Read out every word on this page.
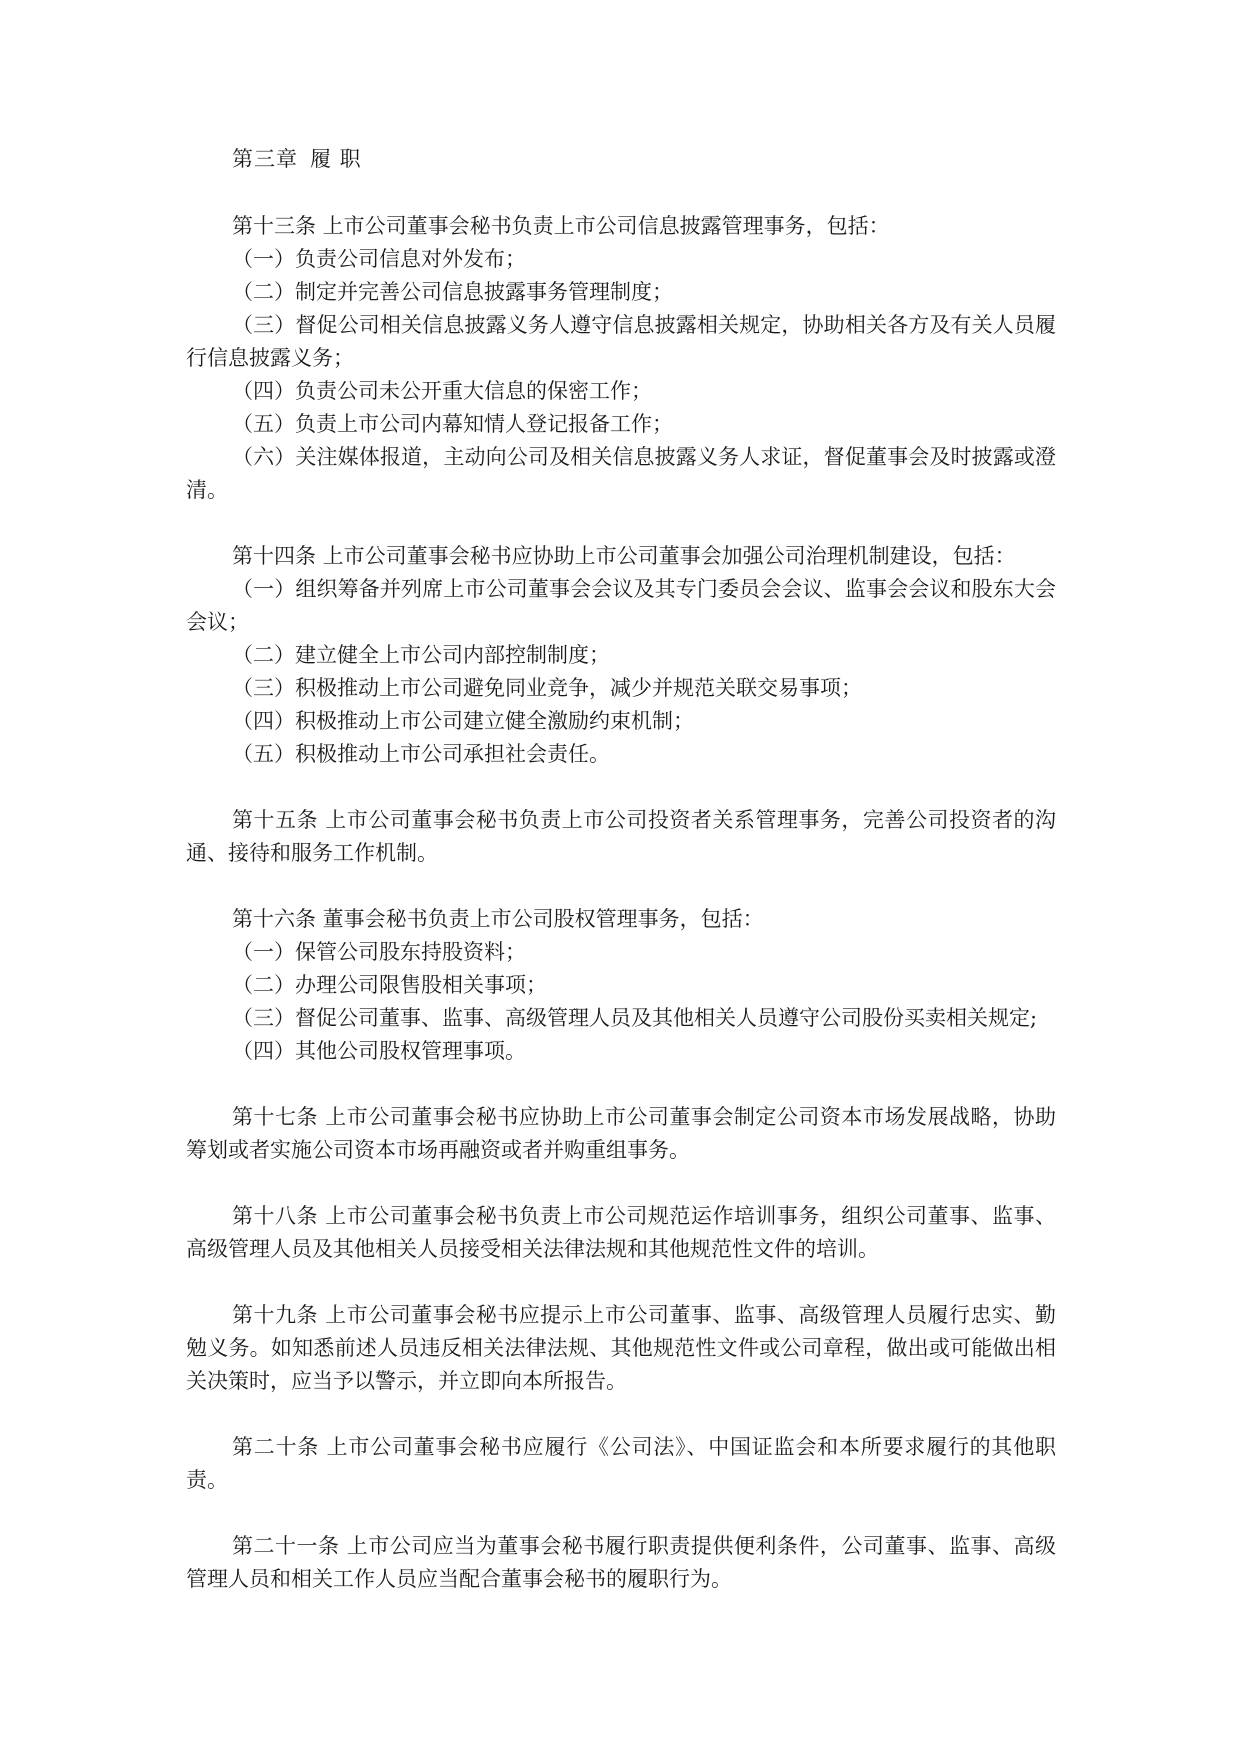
第三章 履 职

第十三条 上市公司董事会秘书负责上市公司信息披露管理事务，包括：

（一）负责公司信息对外发布；

（二）制定并完善公司信息披露事务管理制度；

（三）督促公司相关信息披露义务人遵守信息披露相关规定，协助相关各方及有关人员履行信息披露义务；

（四）负责公司未公开重大信息的保密工作；

（五）负责上市公司内幕知情人登记报备工作；

（六）关注媒体报道，主动向公司及相关信息披露义务人求证，督促董事会及时披露或澄清。

第十四条 上市公司董事会秘书应协助上市公司董事会加强公司治理机制建设，包括：

（一）组织筹备并列席上市公司董事会会议及其专门委员会会议、监事会会议和股东大会会议；

（二）建立健全上市公司内部控制制度；

（三）积极推动上市公司避免同业竞争，减少并规范关联交易事项；

（四）积极推动上市公司建立健全激励约束机制；

（五）积极推动上市公司承担社会责任。

第十五条 上市公司董事会秘书负责上市公司投资者关系管理事务，完善公司投资者的沟通、接待和服务工作机制。

第十六条 董事会秘书负责上市公司股权管理事务，包括：

（一）保管公司股东持股资料；

（二）办理公司限售股相关事项；

（三）督促公司董事、监事、高级管理人员及其他相关人员遵守公司股份买卖相关规定;

（四）其他公司股权管理事项。

第十七条 上市公司董事会秘书应协助上市公司董事会制定公司资本市场发展战略，协助筹划或者实施公司资本市场再融资或者并购重组事务。

第十八条 上市公司董事会秘书负责上市公司规范运作培训事务，组织公司董事、监事、高级管理人员及其他相关人员接受相关法律法规和其他规范性文件的培训。

第十九条 上市公司董事会秘书应提示上市公司董事、监事、高级管理人员履行忠实、勤勉义务。如知悉前述人员违反相关法律法规、其他规范性文件或公司章程，做出或可能做出相关决策时，应当予以警示，并立即向本所报告。

第二十条 上市公司董事会秘书应履行《公司法》、中国证监会和本所要求履行的其他职责。

第二十一条 上市公司应当为董事会秘书履行职责提供便利条件，公司董事、监事、高级管理人员和相关工作人员应当配合董事会秘书的履职行为。
